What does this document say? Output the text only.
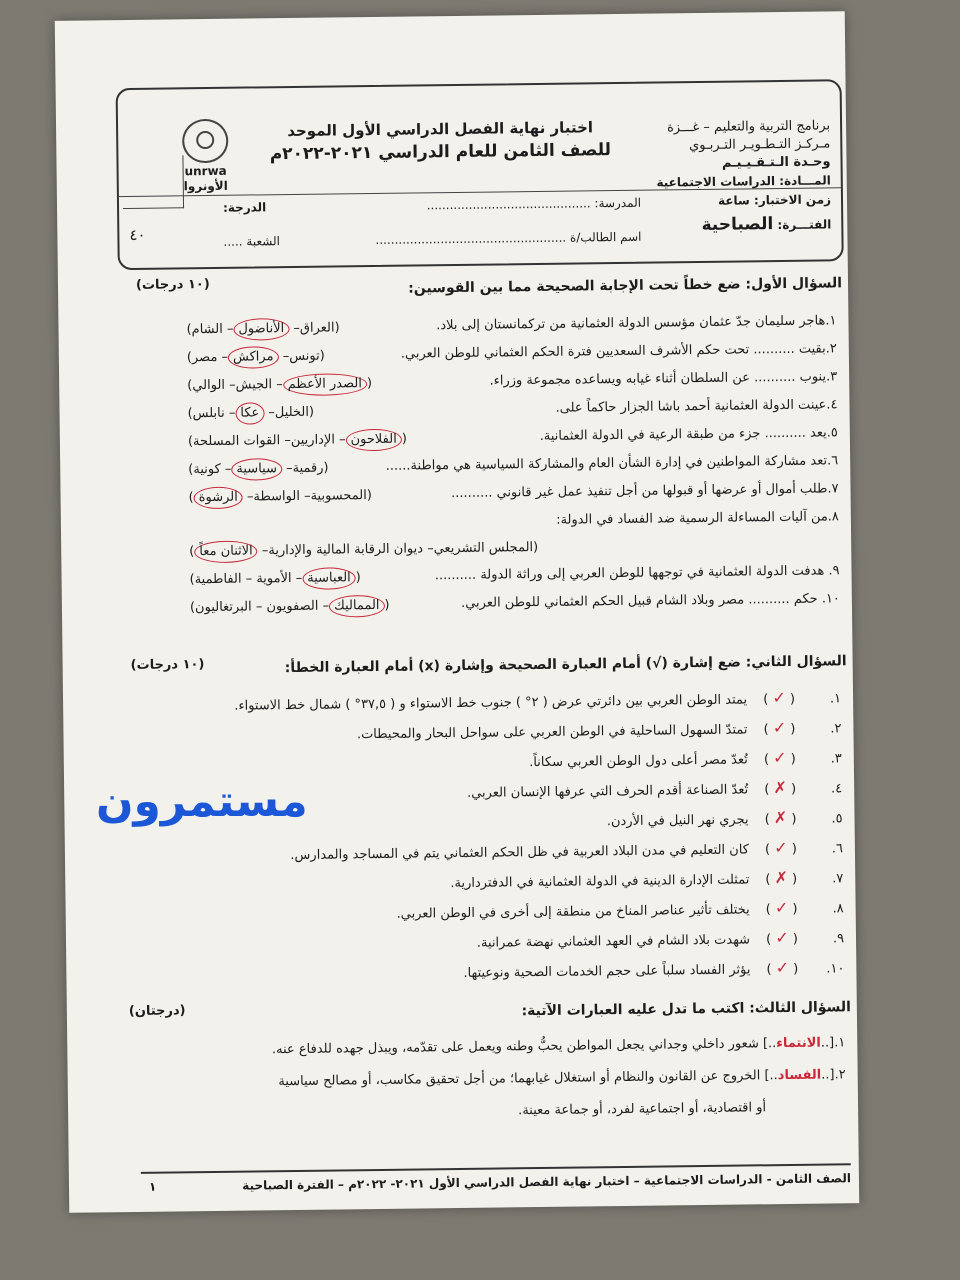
برنامج التربية والتعليم – غـــزة
مـركـز التـطـويـر التـربـوي
وحـدة الـتـقـيـيـم
اختبار نهاية الفصل الدراسي الأول الموحد
للصف الثامن للعام الدراسي ٢٠٢١-٢٠٢٢م
unrwa
الأونروا
٤٠
المـــادة: الدراسات الاجتماعية
زمن الاختبار: ساعة
الفتـــرة: الصباحية
المدرسة: ...........................................
الدرجة:
اسم الطالب/ة ..................................................
الشعبة .....
السؤال الأول: ضع خطاً تحت الإجابة الصحيحة مما بين القوسين:
(١٠ درجات)
١.هاجر سليمان جدّ عثمان مؤسس الدولة العثمانية من تركمانستان إلى بلاد.
(العراق– الأناضول– الشام)
٢.بقيت .......... تحت حكم الأشرف السعديين فترة الحكم العثماني للوطن العربي.
(تونس– مراكش– مصر)
٣.ينوب .......... عن السلطان أثناء غيابه ويساعده مجموعة وزراء.
(الصدر الأعظم– الجيش– الوالي)
٤.عينت الدولة العثمانية أحمد باشا الجزار حاكماً على.
(الخليل– عكا– نابلس)
٥.يعد .......... جزء من طبقة الرعية في الدولة العثمانية.
(الفلاحون– الإداريين– القوات المسلحة)
٦.تعد مشاركة المواطنين في إدارة الشأن العام والمشاركة السياسية هي مواطنة......
(رقمية– سياسية– كونية)
٧.طلب أموال أو عرضها أو قبولها من أجل تنفيذ عمل غير قانوني ..........
(المحسوبية– الواسطة– الرشوة)
٨.من آليات المساءلة الرسمية ضد الفساد في الدولة:
(المجلس التشريعي– ديوان الرقابة المالية والإدارية– الاثنان معاً)
٩. هدفت الدولة العثمانية في توجهها للوطن العربي إلى وراثة الدولة ..........
(العباسية– الأموية – الفاطمية)
١٠. حكم .......... مصر وبلاد الشام قبيل الحكم العثماني للوطن العربي.
(المماليك– الصفويون – البرتغاليون)
السؤال الثاني: ضع إشارة (√) أمام العبارة الصحيحة وإشارة (x) أمام العبارة الخطأ:
(١٠ درجات)
١.( ✓ )يمتد الوطن العربي بين دائرتي عرض ( ٢° ) جنوب خط الاستواء و ( ٣٧,٥° ) شمال خط الاستواء.
٢.( ✓ )تمتدّ السهول الساحلية في الوطن العربي على سواحل البحار والمحيطات.
٣.( ✓ )تُعدّ مصر أعلى دول الوطن العربي سكاناً.
٤.( ✗ )تُعدّ الصناعة أقدم الحرف التي عرفها الإنسان العربي.
٥.( ✗ )يجري نهر النيل في الأردن.
٦.( ✓ )كان التعليم في مدن البلاد العربية في ظل الحكم العثماني يتم في المساجد والمدارس.
٧.( ✗ )تمثلت الإدارة الدينية في الدولة العثمانية في الدفتردارية.
٨.( ✓ )يختلف تأثير عناصر المناخ من منطقة إلى أخرى في الوطن العربي.
٩.( ✓ )شهدت بلاد الشام في العهد العثماني نهضة عمرانية.
١٠.( ✓ )يؤثر الفساد سلباً على حجم الخدمات الصحية ونوعيتها.
السؤال الثالث: اكتب ما تدل عليه العبارات الآتية:
(درجتان)
١.[..الانتماء..] شعور داخلي وجداني يجعل المواطن يحبُّ وطنه ويعمل على تقدّمه، ويبذل جهده للدفاع عنه.
٢.[..الفساد..] الخروج عن القانون والنظام أو استغلال غيابهما؛ من أجل تحقيق مكاسب، أو مصالح سياسية
أو اقتصادية، أو اجتماعية لفرد، أو جماعة معينة.
الصف الثامن - الدراسات الاجتماعية – اختبار نهاية الفصل الدراسي الأول ٢٠٢١- ٢٠٢٢م – الفترة الصباحية
١
مستمرون
